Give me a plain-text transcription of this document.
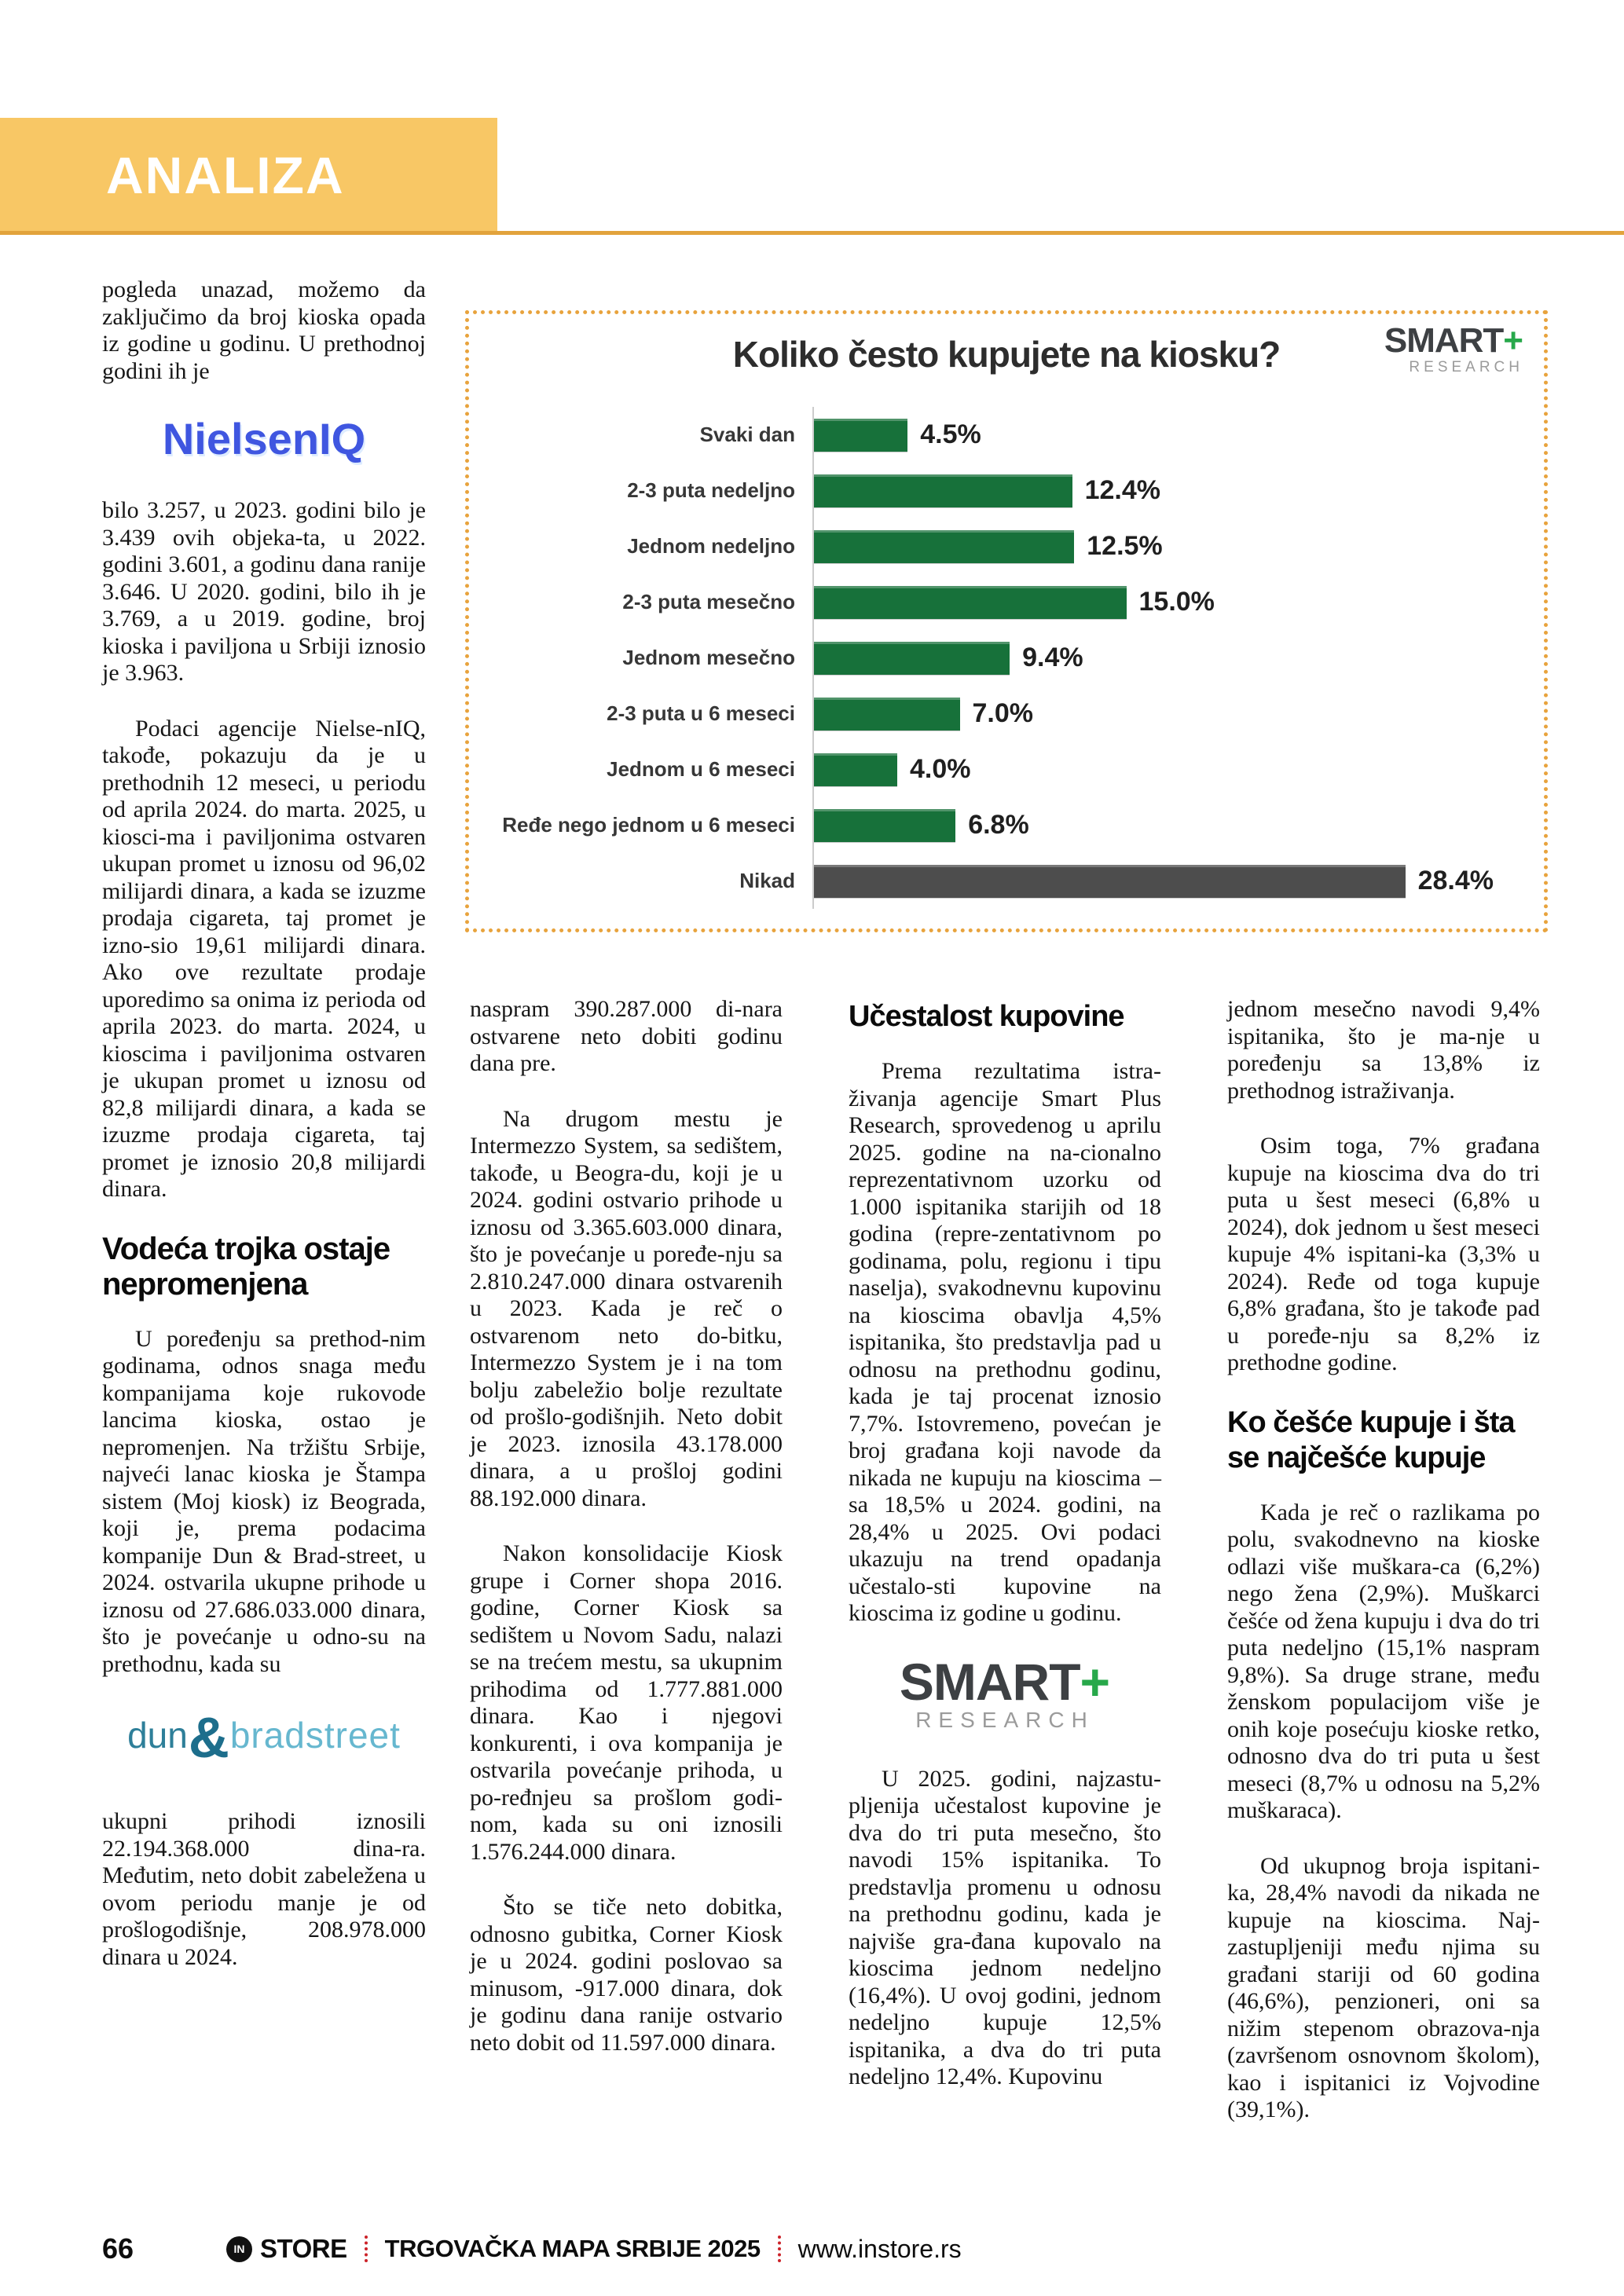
ANALIZA
Koliko često kupujete na kiosku?	SMART+
RESEARCH
Svaki dan	4.5%
2-3 puta nedeljno	12.4%
Jednom nedeljno	12.5%
2-3 puta mesečno	15.0%
Jednom mesečno	9.4%
2-3 puta u 6 meseci	7.0%
Jednom u 6 meseci	4.0%
Ređe nego jednom u 6 meseci	6.8%
Nikad	28.4%

pogleda unazad, možemo da zaključimo da broj kioska opada iz godine u godinu. U prethodnoj godini ih je

NielsenIQ

bilo 3.257, u 2023. godini bilo je 3.439 ovih objeka-ta, u 2022. godini 3.601, a godinu dana ranije 3.646. U 2020. godini, bilo ih je 3.769, a u 2019. godine, broj kioska i paviljona u Srbiji iznosio je 3.963.

Podaci agencije Nielse-nIQ, takođe, pokazuju da je u prethodnih 12 meseci, u periodu od aprila 2024. do marta. 2025, u kiosci-ma i paviljonima ostvaren ukupan promet u iznosu od 96,02 milijardi dinara, a kada se izuzme prodaja cigareta, taj promet je izno-sio 19,61 milijardi dinara. Ako ove rezultate prodaje uporedimo sa onima iz perioda od aprila 2023. do marta. 2024, u kioscima i paviljonima ostvaren je ukupan promet u iznosu od 82,8 milijardi dinara, a kada se izuzme prodaja cigareta, taj promet je iznosio 20,8 milijardi dinara.

Vodeća trojka ostaje nepromenjena

U poređenju sa prethod-nim godinama, odnos snaga među kompanijama koje rukovode lancima kioska, ostao je nepromenjen. Na tržištu Srbije, najveći lanac kioska je Štampa sistem (Moj kiosk) iz Beograda, koji je, prema podacima kompanije Dun & Brad-street, u 2024. ostvarila ukupne prihode u iznosu od 27.686.033.000 dinara, što je povećanje u odno-su na prethodnu, kada su

dun&bradstreet

ukupni prihodi iznosili 22.194.368.000 dina-ra. Međutim, neto dobit zabeležena u ovom periodu manje je od prošlogodišnje, 208.978.000 dinara u 2024.

naspram 390.287.000 di-nara ostvarene neto dobiti godinu dana pre.

Na drugom mestu je Intermezzo System, sa sedištem, takođe, u Beogra-du, koji je u 2024. godini ostvario prihode u iznosu od 3.365.603.000 dinara, što je povećanje u poređe-nju sa 2.810.247.000 dinara ostvarenih u 2023. Kada je reč o ostvarenom neto do-bitku, Intermezzo System je i na tom bolju zabeležio bolje rezultate od prošlo-godišnjih. Neto dobit je 2023. iznosila 43.178.000 dinara, a u prošloj godini 88.192.000 dinara.

Nakon konsolidacije Kiosk grupe i Corner shopa 2016. godine, Corner Kiosk sa sedištem u Novom Sadu, nalazi se na trećem mestu, sa ukupnim prihodima od 1.777.881.000 dinara. Kao i njegovi konkurenti, i ova kompanija je ostvarila povećanje prihoda, u po-ređnjeu sa prošlom godi-nom, kada su oni iznosili 1.576.244.000 dinara.

Što se tiče neto dobitka, odnosno gubitka, Corner Kiosk je u 2024. godini poslovao sa minusom, -917.000 dinara, dok je godinu dana ranije ostvario neto dobit od 11.597.000 dinara.

Učestalost kupovine

Prema rezultatima istra-živanja agencije Smart Plus Research, sprovedenog u aprilu 2025. godine na na-cionalno reprezentativnom uzorku od 1.000 ispitanika starijih od 18 godina (repre-zentativnom po godinama, polu, regionu i tipu naselja), svakodnevnu kupovinu na kioscima obavlja 4,5% ispitanika, što predstavlja pad u odnosu na prethodnu godinu, kada je taj procenat iznosio 7,7%. Istovremeno, povećan je broj građana koji navode da nikada ne kupuju na kioscima – sa 18,5% u 2024. godini, na 28,4% u 2025. Ovi podaci ukazuju na trend opadanja učestalo-sti kupovine na kioscima iz godine u godinu.

SMART+
RESEARCH

U 2025. godini, najzastu-pljenija učestalost kupovine je dva do tri puta mesečno, što navodi 15% ispitanika. To predstavlja promenu u odnosu na prethodnu godinu, kada je najviše gra-đana kupovalo na kioscima jednom nedeljno (16,4%). U ovoj godini, jednom nedeljno kupuje 12,5% ispitanika, a dva do tri puta nedeljno 12,4%. Kupovinu

jednom mesečno navodi 9,4% ispitanika, što je ma-nje u poređenju sa 13,8% iz prethodnog istraživanja.

Osim toga, 7% građana kupuje na kioscima dva do tri puta u šest meseci (6,8% u 2024), dok jednom u šest meseci kupuje 4% ispitani-ka (3,3% u 2024). Ređe od toga kupuje 6,8% građana, što je takođe pad u poređe-nju sa 8,2% iz prethodne godine.

Ko češće kupuje i šta se najčešće kupuje

Kada je reč o razlikama po polu, svakodnevno na kioske odlazi više muškara-ca (6,2%) nego žena (2,9%). Muškarci češće od žena kupuju i dva do tri puta nedeljno (15,1% naspram 9,8%). Sa druge strane, među ženskom populacijom više je onih koje posećuju kioske retko, odnosno dva do tri puta u šest meseci (8,7% u odnosu na 5,2% muškaraca).

Od ukupnog broja ispitani-ka, 28,4% navodi da nikada ne kupuje na kioscima. Naj-zastupljeniji među njima su građani stariji od 60 godina (46,6%), penzioneri, oni sa nižim stepenom obrazova-nja (završenom osnovnom školom), kao i ispitanici iz Vojvodine (39,1%).

66	IN STORE TRGOVAČKA MAPA SRBIJE 2025 www.instore.rs
